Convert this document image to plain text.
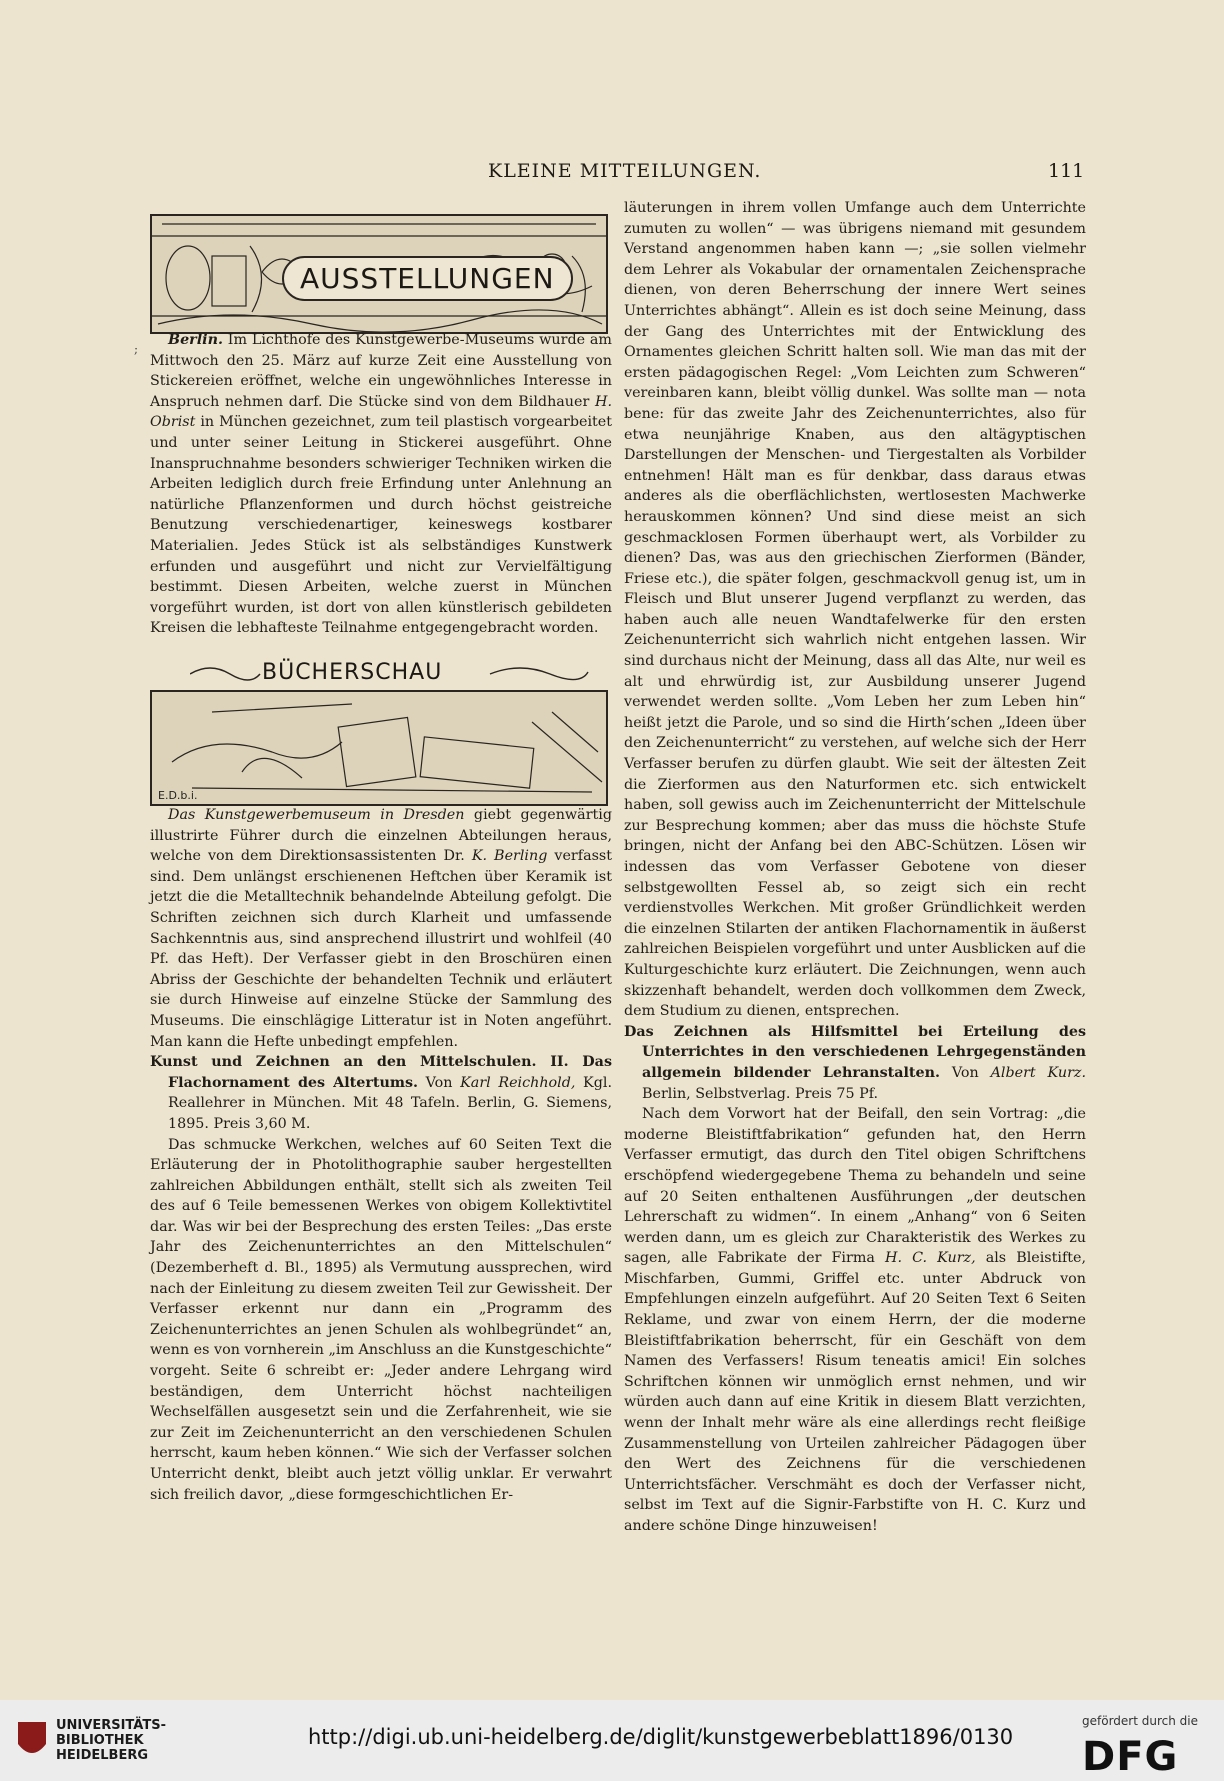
KLEINE MITTEILUNGEN.	111
AUSSTELLUNGEN
;

Berlin. Im Lichthofe des Kunstgewerbe-Museums wurde am Mittwoch den 25. März auf kurze Zeit eine Ausstellung von Stickereien eröffnet, welche ein ungewöhnliches Interesse in Anspruch nehmen darf. Die Stücke sind von dem Bildhauer H. Obrist in München gezeichnet, zum teil plastisch vorgearbeitet und unter seiner Leitung in Stickerei ausgeführt. Ohne Inanspruchnahme besonders schwieriger Techniken wirken die Arbeiten lediglich durch freie Erfindung unter Anlehnung an natürliche Pflanzenformen und durch höchst geistreiche Benutzung verschiedenartiger, keineswegs kostbarer Materialien. Jedes Stück ist als selbständiges Kunstwerk erfunden und ausgeführt und nicht zur Vervielfältigung bestimmt. Diesen Arbeiten, welche zuerst in München vorgeführt wurden, ist dort von allen künstlerisch gebildeten Kreisen die lebhafteste Teilnahme entgegengebracht worden.

BÜCHERSCHAU
E.D.b.i.

Das Kunstgewerbemuseum in Dresden giebt gegenwärtig illustrirte Führer durch die einzelnen Abteilungen heraus, welche von dem Direktionsassistenten Dr. K. Berling verfasst sind. Dem unlängst erschienenen Heftchen über Keramik ist jetzt die die Metalltechnik behandelnde Abteilung gefolgt. Die Schriften zeichnen sich durch Klarheit und umfassende Sachkenntnis aus, sind ansprechend illustrirt und wohlfeil (40 Pf. das Heft). Der Verfasser giebt in den Broschüren einen Abriss der Geschichte der behandelten Technik und erläutert sie durch Hinweise auf einzelne Stücke der Sammlung des Museums. Die einschlägige Litteratur ist in Noten angeführt. Man kann die Hefte unbedingt empfehlen.

Kunst und Zeichnen an den Mittelschulen. II. Das Flachornament des Altertums. Von Karl Reichhold, Kgl. Reallehrer in München. Mit 48 Tafeln. Berlin, G. Siemens, 1895. Preis 3,60 M.

Das schmucke Werkchen, welches auf 60 Seiten Text die Erläuterung der in Photolithographie sauber hergestellten zahlreichen Abbildungen enthält, stellt sich als zweiten Teil des auf 6 Teile bemessenen Werkes von obigem Kollektivtitel dar. Was wir bei der Besprechung des ersten Teiles: „Das erste Jahr des Zeichenunterrichtes an den Mittelschulen“ (Dezemberheft d. Bl., 1895) als Vermutung aussprechen, wird nach der Einleitung zu diesem zweiten Teil zur Gewissheit. Der Verfasser erkennt nur dann ein „Programm des Zeichenunterrichtes an jenen Schulen als wohlbegründet“ an, wenn es von vornherein „im Anschluss an die Kunstgeschichte“ vorgeht. Seite 6 schreibt er: „Jeder andere Lehrgang wird beständigen, dem Unterricht höchst nachteiligen Wechselfällen ausgesetzt sein und die Zerfahrenheit, wie sie zur Zeit im Zeichenunterricht an den verschiedenen Schulen herrscht, kaum heben können.“ Wie sich der Verfasser solchen Unterricht denkt, bleibt auch jetzt völlig unklar. Er verwahrt sich freilich davor, „diese formgeschichtlichen Er-

läuterungen in ihrem vollen Umfange auch dem Unterrichte zumuten zu wollen“ — was übrigens niemand mit gesundem Verstand angenommen haben kann —; „sie sollen vielmehr dem Lehrer als Vokabular der ornamentalen Zeichensprache dienen, von deren Beherrschung der innere Wert seines Unterrichtes abhängt“. Allein es ist doch seine Meinung, dass der Gang des Unterrichtes mit der Entwicklung des Ornamentes gleichen Schritt halten soll. Wie man das mit der ersten pädagogischen Regel: „Vom Leichten zum Schweren“ vereinbaren kann, bleibt völlig dunkel. Was sollte man — nota bene: für das zweite Jahr des Zeichenunterrichtes, also für etwa neunjährige Knaben, aus den altägyptischen Darstellungen der Menschen- und Tiergestalten als Vorbilder entnehmen! Hält man es für denkbar, dass daraus etwas anderes als die oberflächlichsten, wertlosesten Machwerke herauskommen können? Und sind diese meist an sich geschmacklosen Formen überhaupt wert, als Vorbilder zu dienen? Das, was aus den griechischen Zierformen (Bänder, Friese etc.), die später folgen, geschmackvoll genug ist, um in Fleisch und Blut unserer Jugend verpflanzt zu werden, das haben auch alle neuen Wandtafelwerke für den ersten Zeichenunterricht sich wahrlich nicht entgehen lassen. Wir sind durchaus nicht der Meinung, dass all das Alte, nur weil es alt und ehrwürdig ist, zur Ausbildung unserer Jugend verwendet werden sollte. „Vom Leben her zum Leben hin“ heißt jetzt die Parole, und so sind die Hirth’schen „Ideen über den Zeichenunterricht“ zu verstehen, auf welche sich der Herr Verfasser berufen zu dürfen glaubt. Wie seit der ältesten Zeit die Zierformen aus den Naturformen etc. sich entwickelt haben, soll gewiss auch im Zeichenunterricht der Mittelschule zur Besprechung kommen; aber das muss die höchste Stufe bringen, nicht der Anfang bei den ABC-Schützen. Lösen wir indessen das vom Verfasser Gebotene von dieser selbstgewollten Fessel ab, so zeigt sich ein recht verdienstvolles Werkchen. Mit großer Gründlichkeit werden die einzelnen Stilarten der antiken Flachornamentik in äußerst zahlreichen Beispielen vorgeführt und unter Ausblicken auf die Kulturgeschichte kurz erläutert. Die Zeichnungen, wenn auch skizzenhaft behandelt, werden doch vollkommen dem Zweck, dem Studium zu dienen, entsprechen.

Das Zeichnen als Hilfsmittel bei Erteilung des Unterrichtes in den verschiedenen Lehrgegenständen allgemein bildender Lehranstalten. Von Albert Kurz. Berlin, Selbstverlag. Preis 75 Pf.

Nach dem Vorwort hat der Beifall, den sein Vortrag: „die moderne Bleistiftfabrikation“ gefunden hat, den Herrn Verfasser ermutigt, das durch den Titel obigen Schriftchens erschöpfend wiedergegebene Thema zu behandeln und seine auf 20 Seiten enthaltenen Ausführungen „der deutschen Lehrerschaft zu widmen“. In einem „Anhang“ von 6 Seiten werden dann, um es gleich zur Charakteristik des Werkes zu sagen, alle Fabrikate der Firma H. C. Kurz, als Bleistifte, Mischfarben, Gummi, Griffel etc. unter Abdruck von Empfehlungen einzeln aufgeführt. Auf 20 Seiten Text 6 Seiten Reklame, und zwar von einem Herrn, der die moderne Bleistiftfabrikation beherrscht, für ein Geschäft von dem Namen des Verfassers! Risum teneatis amici! Ein solches Schriftchen können wir unmöglich ernst nehmen, und wir würden auch dann auf eine Kritik in diesem Blatt verzichten, wenn der Inhalt mehr wäre als eine allerdings recht fleißige Zusammenstellung von Urteilen zahlreicher Pädagogen über den Wert des Zeichnens für die verschiedenen Unterrichtsfächer. Verschmäht es doch der Verfasser nicht, selbst im Text auf die Signir-Farbstifte von H. C. Kurz und andere schöne Dinge hinzuweisen!

UNIVERSITÄTS-
BIBLIOTHEK
HEIDELBERG
http://digi.ub.uni-heidelberg.de/diglit/kunstgewerbeblatt1896/0130
gefördert durch die
DFG
